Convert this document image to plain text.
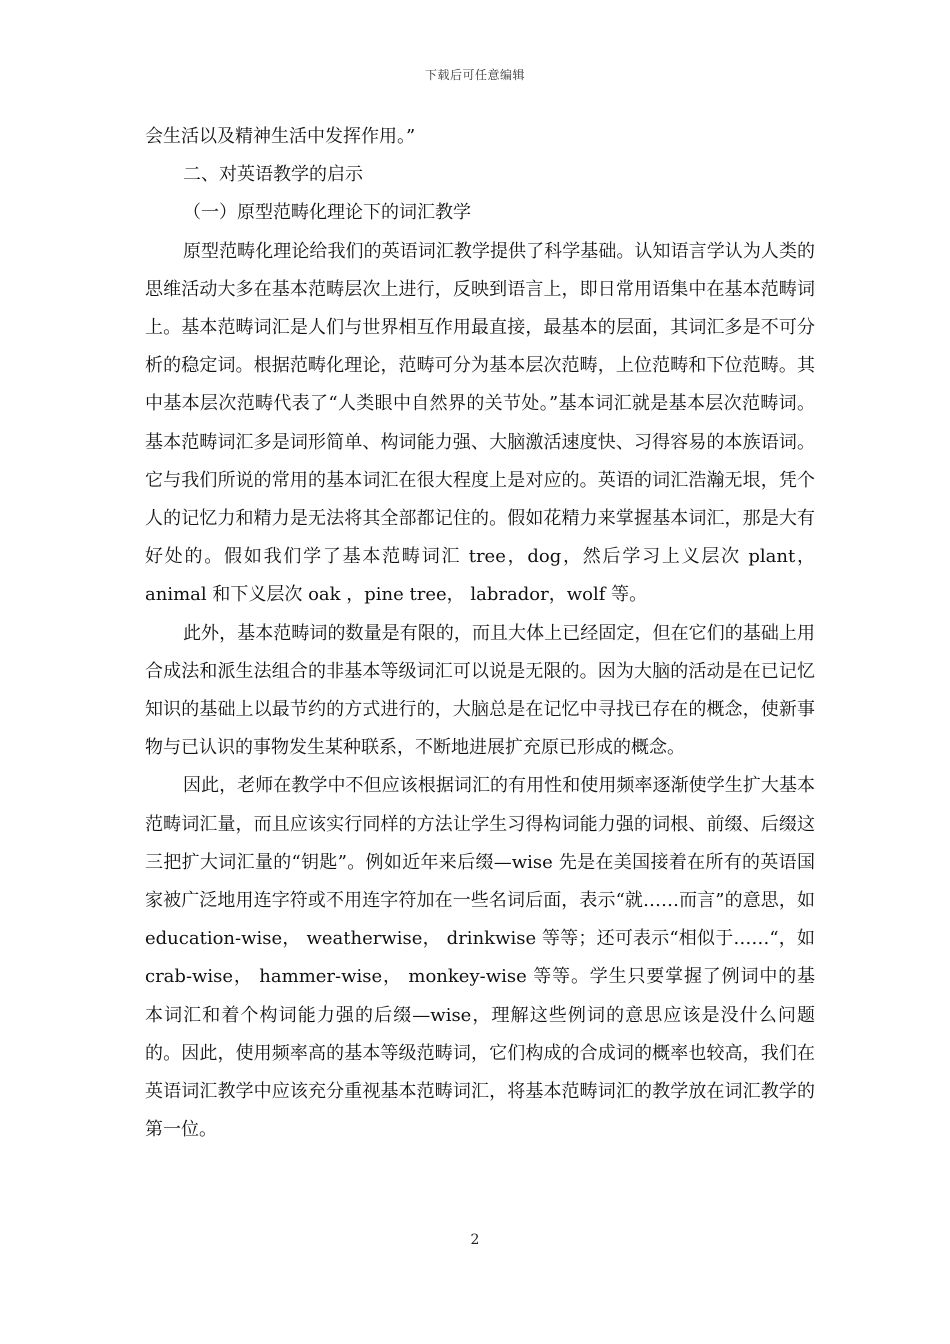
下载后可任意编辑

会生活以及精神生活中发挥作用。”

二、对英语教学的启示

（一）原型范畴化理论下的词汇教学

原型范畴化理论给我们的英语词汇教学提供了科学基础。认知语言学认为人类的思维活动大多在基本范畴层次上进行，反映到语言上，即日常用语集中在基本范畴词上。基本范畴词汇是人们与世界相互作用最直接，最基本的层面，其词汇多是不可分析的稳定词。根据范畴化理论，范畴可分为基本层次范畴，上位范畴和下位范畴。其中基本层次范畴代表了“人类眼中自然界的关节处。”基本词汇就是基本层次范畴词。基本范畴词汇多是词形简单、构词能力强、大脑激活速度快、习得容易的本族语词。它与我们所说的常用的基本词汇在很大程度上是对应的。英语的词汇浩瀚无垠，凭个人的记忆力和精力是无法将其全部都记住的。假如花精力来掌握基本词汇，那是大有好处的。假如我们学了基本范畴词汇 tree，dog，然后学习上义层次 plant，animal 和下义层次 oak ，pine tree， labrador，wolf 等。

此外，基本范畴词的数量是有限的，而且大体上已经固定，但在它们的基础上用合成法和派生法组合的非基本等级词汇可以说是无限的。因为大脑的活动是在已记忆知识的基础上以最节约的方式进行的，大脑总是在记忆中寻找已存在的概念，使新事物与已认识的事物发生某种联系，不断地进展扩充原已形成的概念。

因此，老师在教学中不但应该根据词汇的有用性和使用频率逐渐使学生扩大基本范畴词汇量，而且应该实行同样的方法让学生习得构词能力强的词根、前缀、后缀这三把扩大词汇量的“钥匙”。例如近年来后缀—wise 先是在美国接着在所有的英语国家被广泛地用连字符或不用连字符加在一些名词后面，表示“就……而言”的意思，如 education-wise， weatherwise， drinkwise 等等；还可表示“相似于……“，如 crab-wise， hammer-wise， monkey-wise 等等。学生只要掌握了例词中的基本词汇和着个构词能力强的后缀—wise，理解这些例词的意思应该是没什么问题的。因此，使用频率高的基本等级范畴词，它们构成的合成词的概率也较高，我们在英语词汇教学中应该充分重视基本范畴词汇，将基本范畴词汇的教学放在词汇教学的第一位。

2
